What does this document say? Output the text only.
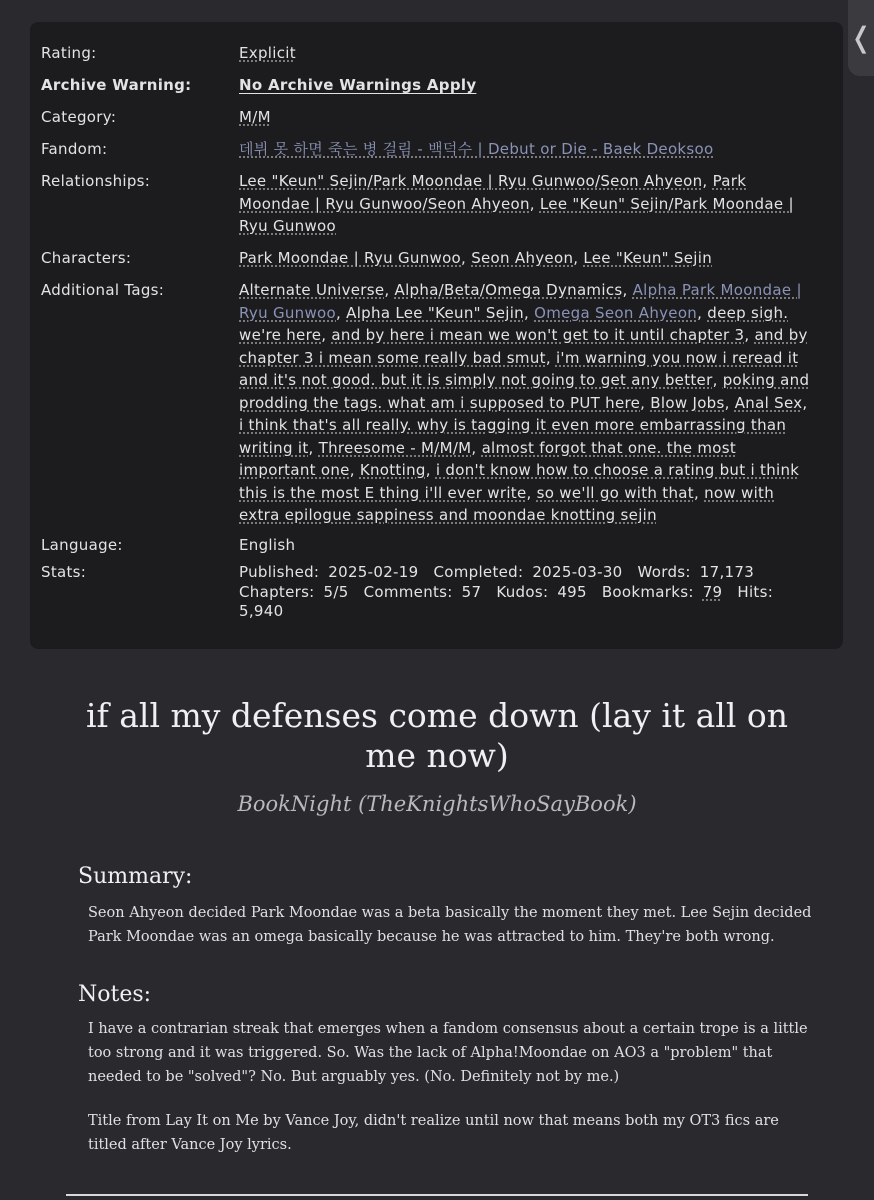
❬
Rating:	Explicit
Archive Warning:	No Archive Warnings Apply
Category:	M/M
Fandom:	데뷔 못 하면 죽는 병 걸림 - 백덕수 | Debut or Die - Baek Deoksoo
Relationships:	Lee "Keun" Sejin/Park Moondae | Ryu Gunwoo/Seon Ahyeon, Park Moondae | Ryu Gunwoo/Seon Ahyeon, Lee "Keun" Sejin/Park Moondae | Ryu Gunwoo
Characters:	Park Moondae | Ryu Gunwoo, Seon Ahyeon, Lee "Keun" Sejin
Additional Tags:	Alternate Universe, Alpha/Beta/Omega Dynamics, Alpha Park Moondae | Ryu Gunwoo, Alpha Lee "Keun" Sejin, Omega Seon Ahyeon, deep sigh. we're here, and by here i mean we won't get to it until chapter 3, and by chapter 3 i mean some really bad smut, i'm warning you now i reread it and it's not good. but it is simply not going to get any better, poking and prodding the tags. what am i supposed to PUT here, Blow Jobs, Anal Sex, i think that's all really. why is tagging it even more embarrassing than writing it, Threesome - M/M/M, almost forgot that one. the most important one, Knotting, i don't know how to choose a rating but i think this is the most E thing i'll ever write, so we'll go with that, now with extra epilogue sappiness and moondae knotting sejin
Language:	English
Stats:	Published: 2025-02-19 Completed: 2025-03-30 Words: 17,173
Chapters: 5/5 Comments: 57 Kudos: 495 Bookmarks: 79 Hits:
5,940
if all my defenses come down (lay it all on me now)
BookNight (TheKnightsWhoSayBook)
Summary:
Seon Ahyeon decided Park Moondae was a beta basically the moment they met. Lee Sejin decided Park Moondae was an omega basically because he was attracted to him. They're both wrong.
Notes:
I have a contrarian streak that emerges when a fandom consensus about a certain trope is a little too strong and it was triggered. So. Was the lack of Alpha!Moondae on AO3 a "problem" that needed to be "solved"? No. But arguably yes. (No. Definitely not by me.)
Title from Lay It on Me by Vance Joy, didn't realize until now that means both my OT3 fics are titled after Vance Joy lyrics.
